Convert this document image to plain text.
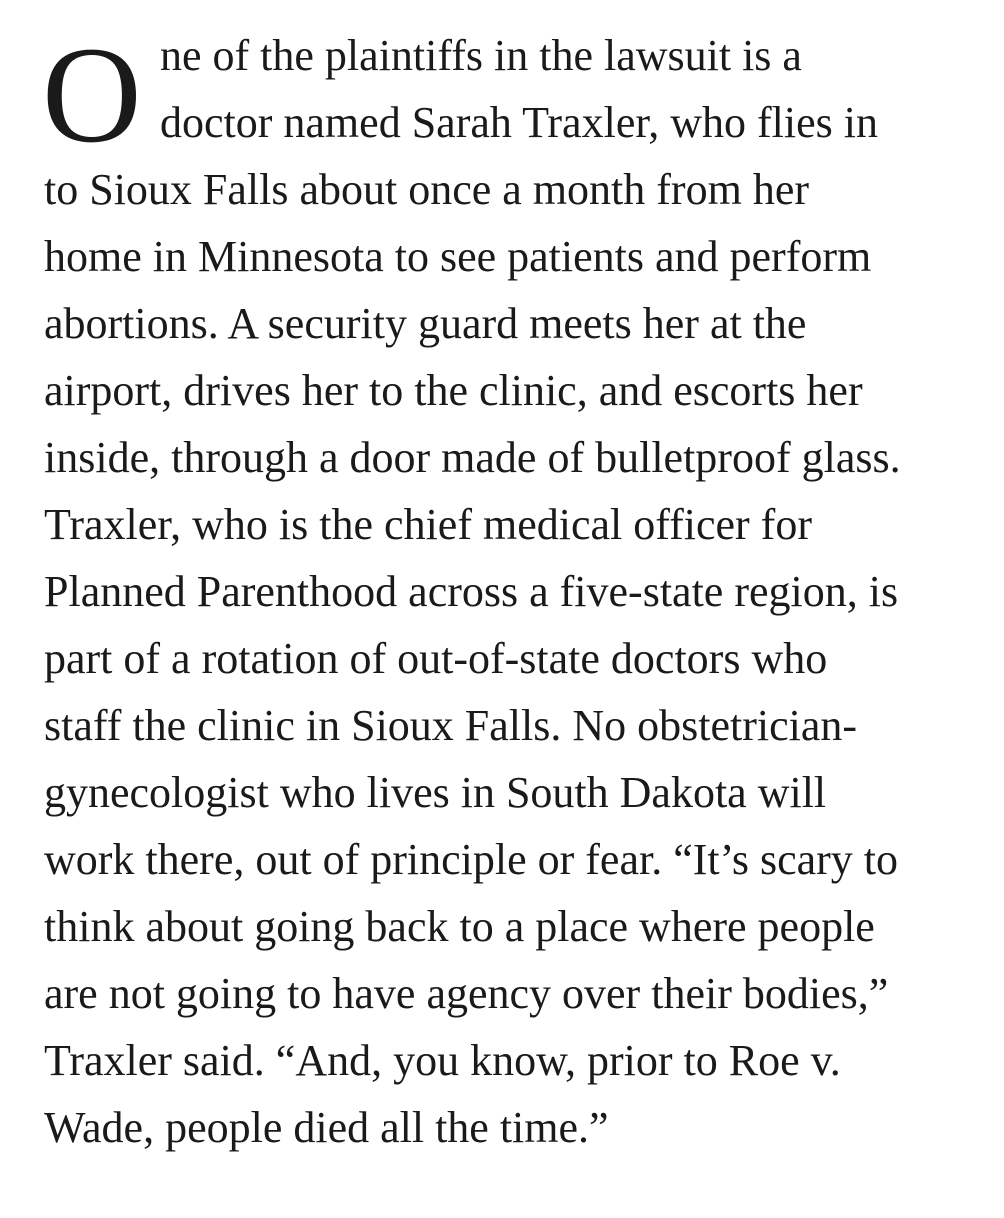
O ne of the plaintiffs in the lawsuit is a
doctor named Sarah Traxler, who flies in
to Sioux Falls about once a month from her
home in Minnesota to see patients and perform
abortions. A security guard meets her at the
airport, drives her to the clinic, and escorts her
inside, through a door made of bulletproof glass.
Traxler, who is the chief medical officer for
Planned Parenthood across a five-state region, is
part of a rotation of out-of-state doctors who
staff the clinic in Sioux Falls. No obstetrician-
gynecologist who lives in South Dakota will
work there, out of principle or fear. “It’s scary to
think about going back to a place where people
are not going to have agency over their bodies,”
Traxler said. “And, you know, prior to Roe v.
Wade, people died all the time.”
